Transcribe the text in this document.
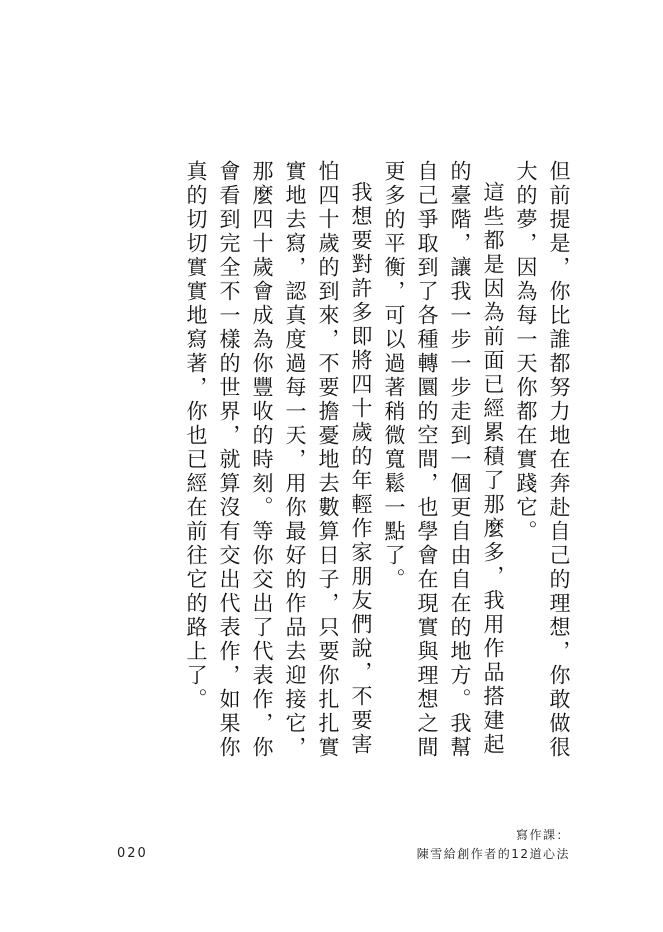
但前提是，你比誰都努力地在奔赴自己的理想，你敢做很大的夢，因為每一天你都在實踐它。

這些都是因為前面已經累積了那麼多，我用作品搭建起的臺階，讓我一步一步走到一個更自由自在的地方。我幫自己爭取到了各種轉圜的空間，也學會在現實與理想之間更多的平衡，可以過著稍微寬鬆一點了。

我想要對許多即將四十歲的年輕作家朋友們說，不要害怕四十歲的到來，不要擔憂地去數算日子，只要你扎扎實實地去寫，認真度過每一天，用你最好的作品去迎接它，那麼四十歲會成為你豐收的時刻。等你交出了代表作，你會看到完全不一樣的世界，就算沒有交出代表作，如果你真的切切實實地寫著，你也已經在前往它的路上了。

020
寫作課：
陳雪給創作者的12道心法
